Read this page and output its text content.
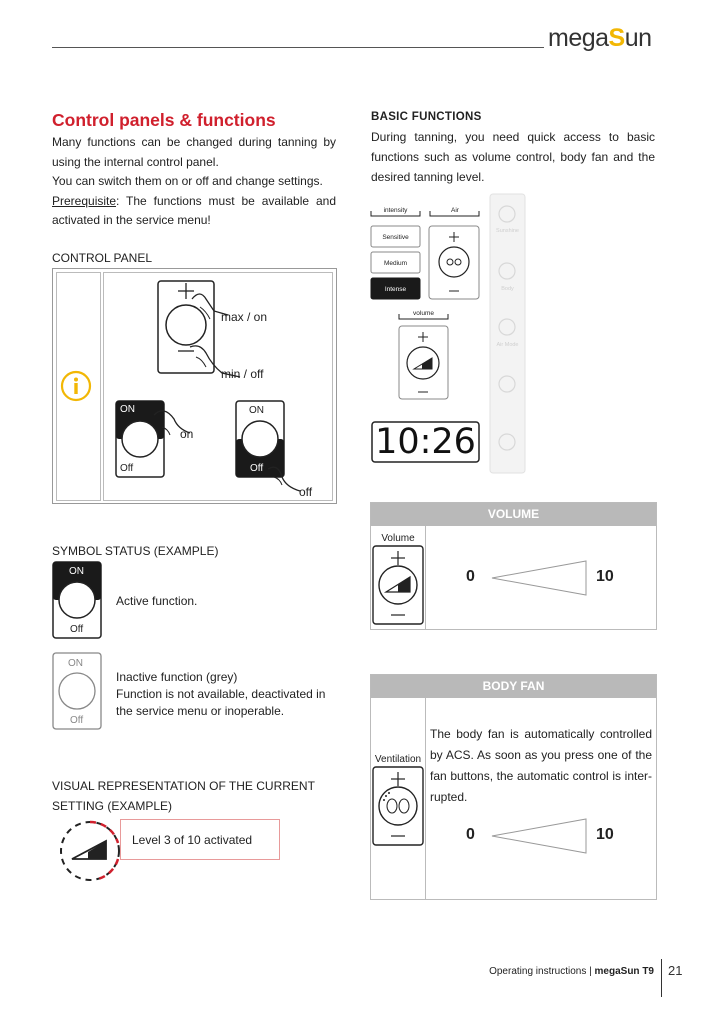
megaSun
Control panels & functions
Many functions can be changed during tanning by
using the internal control panel.
You can switch them on or off and change settings.
Prerequisite: The functions must be available and
activated in the service menu!
CONTROL PANEL
max / on
min / off
ON
Off
ON
Off
on
off
SYMBOL STATUS (EXAMPLE)
ON
Off
Active function.
ON
Off
Inactive function (grey)
Function is not available, deactivated in
the service menu or inoperable.
VISUAL REPRESENTATION OF THE CURRENT
SETTING (EXAMPLE)
Level 3 of 10 activated
BASIC FUNCTIONS
During tanning, you need quick access to basic
functions such as volume control, body fan and the
desired tanning level.
intensity	Air
Sensitive
Medium
Intense
volume
Sunshine
Body
Air Mode
10:26
VOLUME
Volume
0	10
BODY FAN
Ventilation
The body fan is automatically controlled
by ACS. As soon as you press one of the
fan buttons, the automatic control is inter-
rupted.
0	10
Operating instructions | megaSun T9 21
